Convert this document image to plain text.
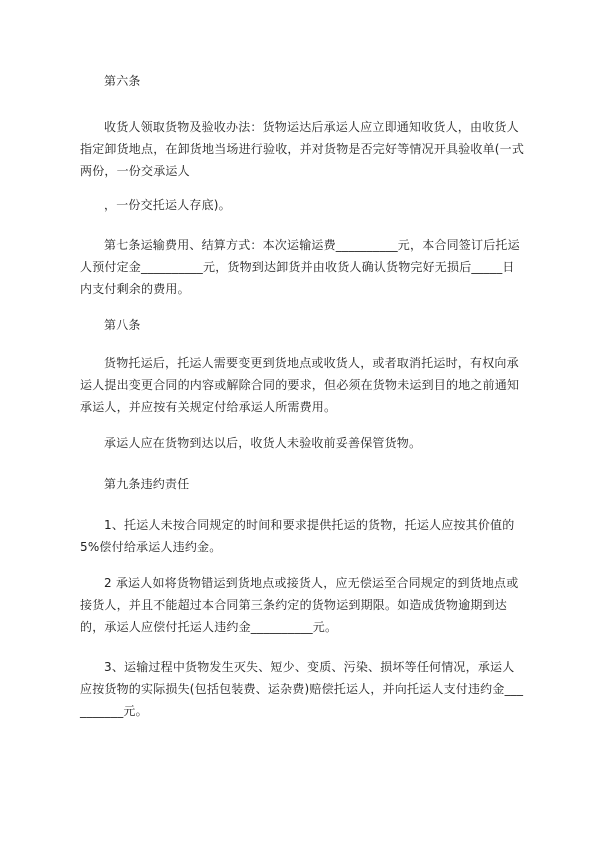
第六条

收货人领取货物及验收办法：货物运达后承运人应立即通知收货人，由收货人指定卸货地点，在卸货地当场进行验收，并对货物是否完好等情况开具验收单(一式两份，一份交承运人

，一份交托运人存底)。

第七条运输费用、结算方式：本次运输运费__________元，本合同签订后托运人预付定金__________元，货物到达卸货并由收货人确认货物完好无损后_____日内支付剩余的费用。

第八条

货物托运后，托运人需要变更到货地点或收货人，或者取消托运时，有权向承运人提出变更合同的内容或解除合同的要求，但必须在货物未运到目的地之前通知承运人，并应按有关规定付给承运人所需费用。

承运人应在货物到达以后，收货人未验收前妥善保管货物。

第九条违约责任

1、托运人未按合同规定的时间和要求提供托运的货物，托运人应按其价值的 5%偿付给承运人违约金。

2 承运人如将货物错运到货地点或接货人，应无偿运至合同规定的到货地点或接货人，并且不能超过本合同第三条约定的货物运到期限。如造成货物逾期到达的，承运人应偿付托运人违约金__________元。

3、运输过程中货物发生灭失、短少、变质、污染、损坏等任何情况，承运人应按货物的实际损失(包括包装费、运杂费)赔偿托运人，并向托运人支付违约金__________元。
